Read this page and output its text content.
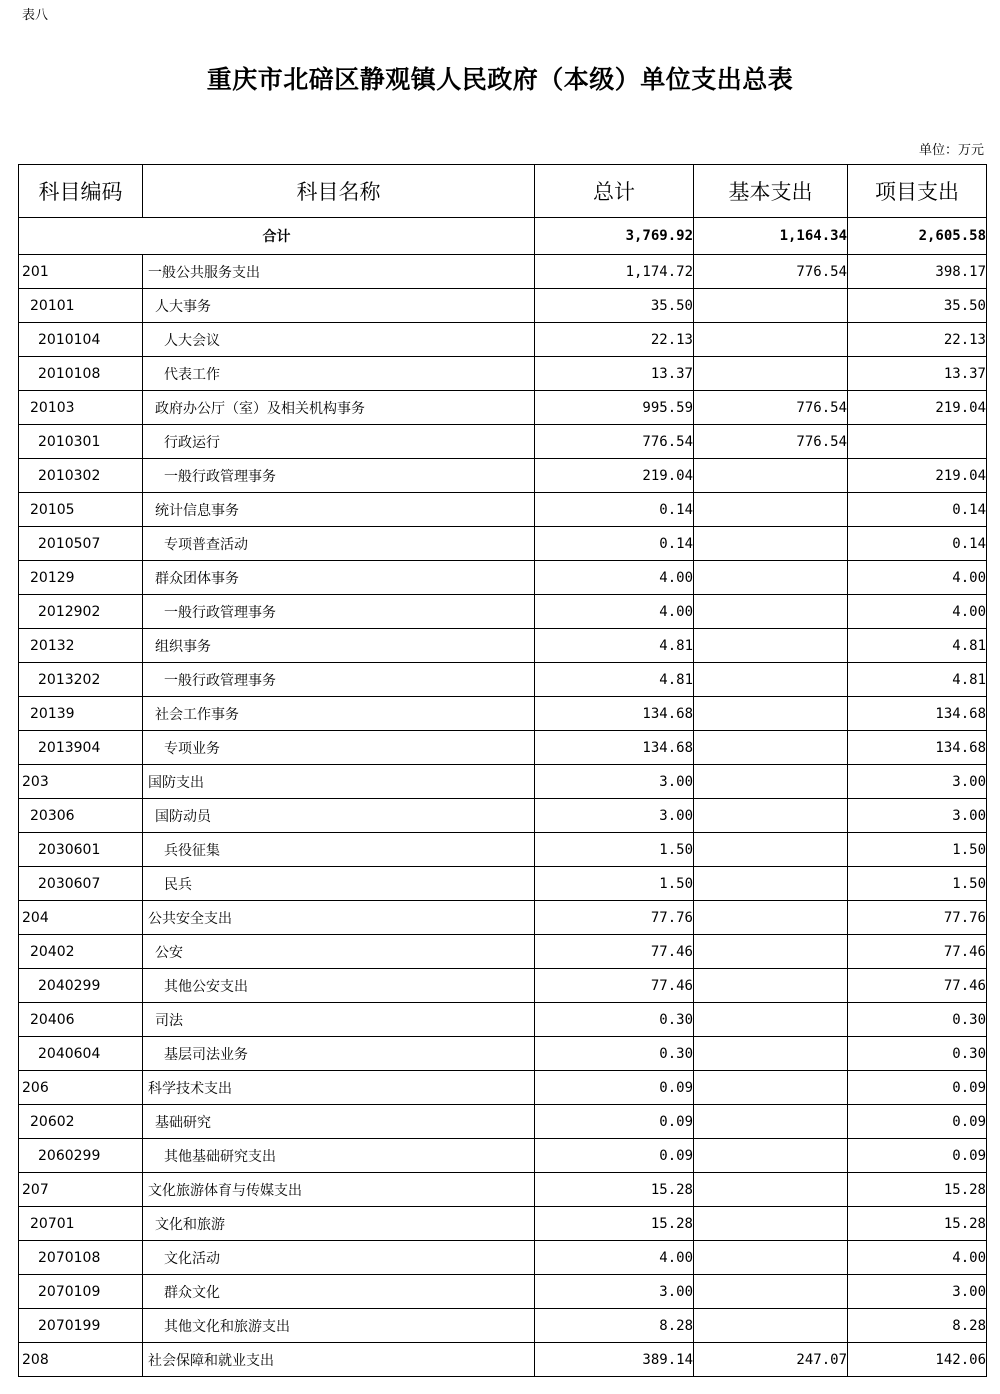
表八
重庆市北碚区静观镇人民政府（本级）单位支出总表
单位：万元
科目编码	科目名称	总计	基本支出	项目支出
合计		3,769.92	1,164.34	2,605.58
201	一般公共服务支出	1,174.72	776.54	398.17
20101	人大事务	35.50		35.50
2010104	人大会议	22.13		22.13
2010108	代表工作	13.37		13.37
20103	政府办公厅（室）及相关机构事务	995.59	776.54	219.04
2010301	行政运行	776.54	776.54	
2010302	一般行政管理事务	219.04		219.04
20105	统计信息事务	0.14		0.14
2010507	专项普查活动	0.14		0.14
20129	群众团体事务	4.00		4.00
2012902	一般行政管理事务	4.00		4.00
20132	组织事务	4.81		4.81
2013202	一般行政管理事务	4.81		4.81
20139	社会工作事务	134.68		134.68
2013904	专项业务	134.68		134.68
203	国防支出	3.00		3.00
20306	国防动员	3.00		3.00
2030601	兵役征集	1.50		1.50
2030607	民兵	1.50		1.50
204	公共安全支出	77.76		77.76
20402	公安	77.46		77.46
2040299	其他公安支出	77.46		77.46
20406	司法	0.30		0.30
2040604	基层司法业务	0.30		0.30
206	科学技术支出	0.09		0.09
20602	基础研究	0.09		0.09
2060299	其他基础研究支出	0.09		0.09
207	文化旅游体育与传媒支出	15.28		15.28
20701	文化和旅游	15.28		15.28
2070108	文化活动	4.00		4.00
2070109	群众文化	3.00		3.00
2070199	其他文化和旅游支出	8.28		8.28
208	社会保障和就业支出	389.14	247.07	142.06
